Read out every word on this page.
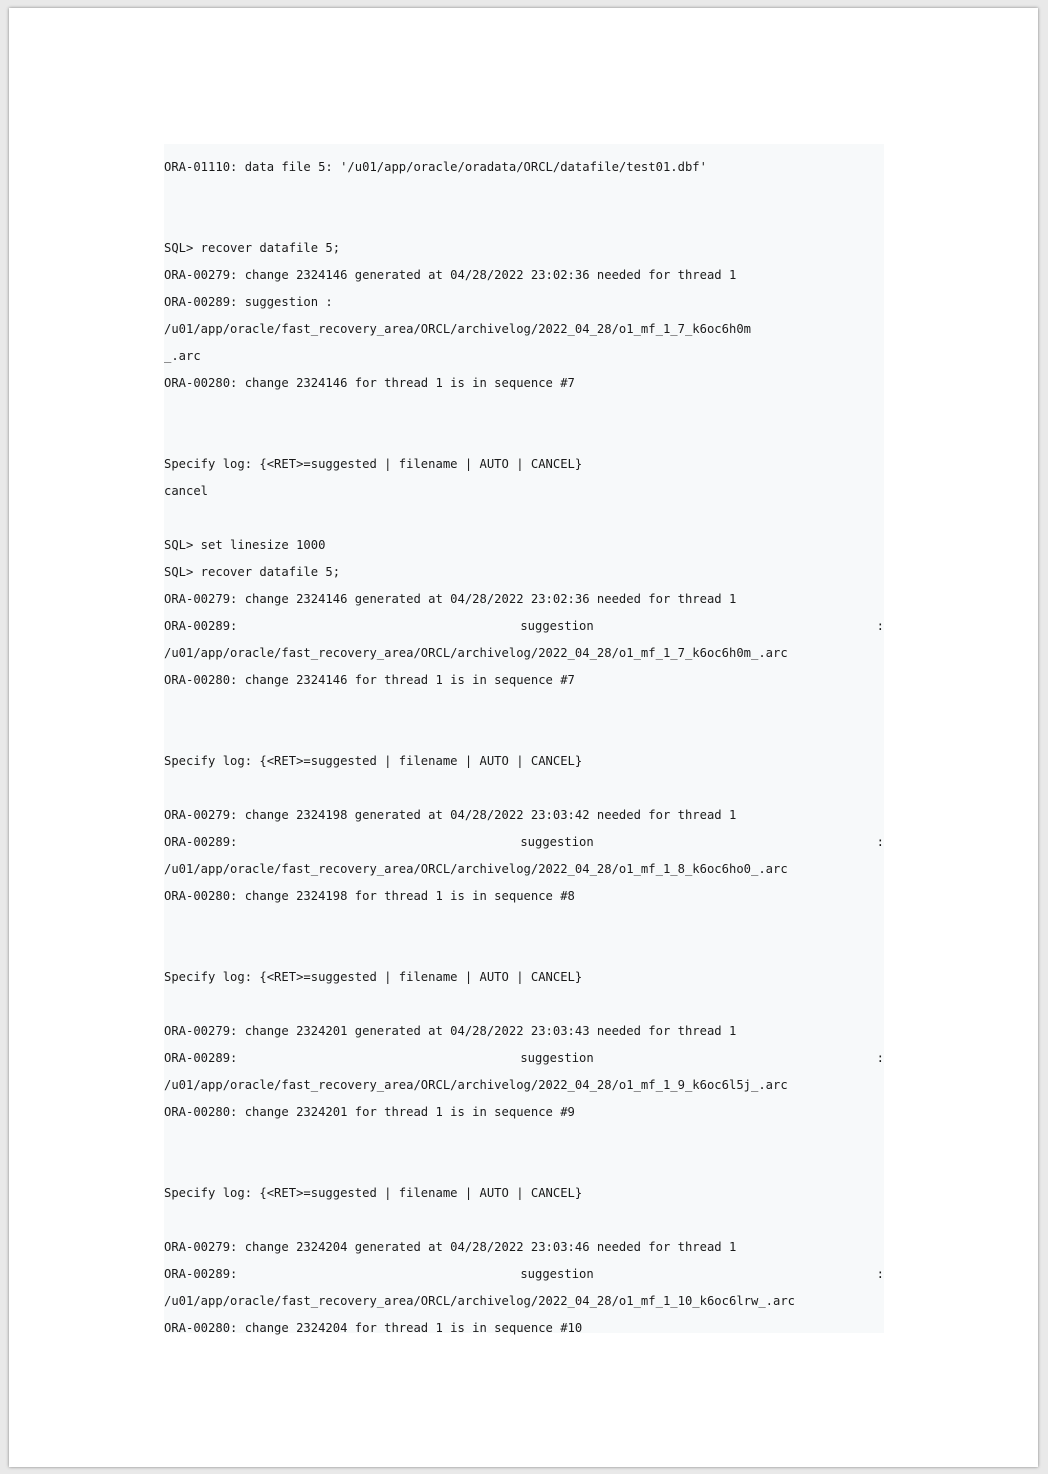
ORA-01110: data file 5: '/u01/app/oracle/oradata/ORCL/datafile/test01.dbf'
SQL> recover datafile 5;
ORA-00279: change 2324146 generated at 04/28/2022 23:02:36 needed for thread 1
ORA-00289: suggestion :
/u01/app/oracle/fast_recovery_area/ORCL/archivelog/2022_04_28/o1_mf_1_7_k6oc6h0m
_.arc
ORA-00280: change 2324146 for thread 1 is in sequence #7
Specify log: {<RET>=suggested | filename | AUTO | CANCEL}
cancel
SQL> set linesize 1000
SQL> recover datafile 5;
ORA-00279: change 2324146 generated at 04/28/2022 23:02:36 needed for thread 1
ORA-00289:	suggestion	:
/u01/app/oracle/fast_recovery_area/ORCL/archivelog/2022_04_28/o1_mf_1_7_k6oc6h0m_.arc
ORA-00280: change 2324146 for thread 1 is in sequence #7
Specify log: {<RET>=suggested | filename | AUTO | CANCEL}
ORA-00279: change 2324198 generated at 04/28/2022 23:03:42 needed for thread 1
ORA-00289:	suggestion	:
/u01/app/oracle/fast_recovery_area/ORCL/archivelog/2022_04_28/o1_mf_1_8_k6oc6ho0_.arc
ORA-00280: change 2324198 for thread 1 is in sequence #8
Specify log: {<RET>=suggested | filename | AUTO | CANCEL}
ORA-00279: change 2324201 generated at 04/28/2022 23:03:43 needed for thread 1
ORA-00289:	suggestion	:
/u01/app/oracle/fast_recovery_area/ORCL/archivelog/2022_04_28/o1_mf_1_9_k6oc6l5j_.arc
ORA-00280: change 2324201 for thread 1 is in sequence #9
Specify log: {<RET>=suggested | filename | AUTO | CANCEL}
ORA-00279: change 2324204 generated at 04/28/2022 23:03:46 needed for thread 1
ORA-00289:	suggestion	:
/u01/app/oracle/fast_recovery_area/ORCL/archivelog/2022_04_28/o1_mf_1_10_k6oc6lrw_.arc
ORA-00280: change 2324204 for thread 1 is in sequence #10
